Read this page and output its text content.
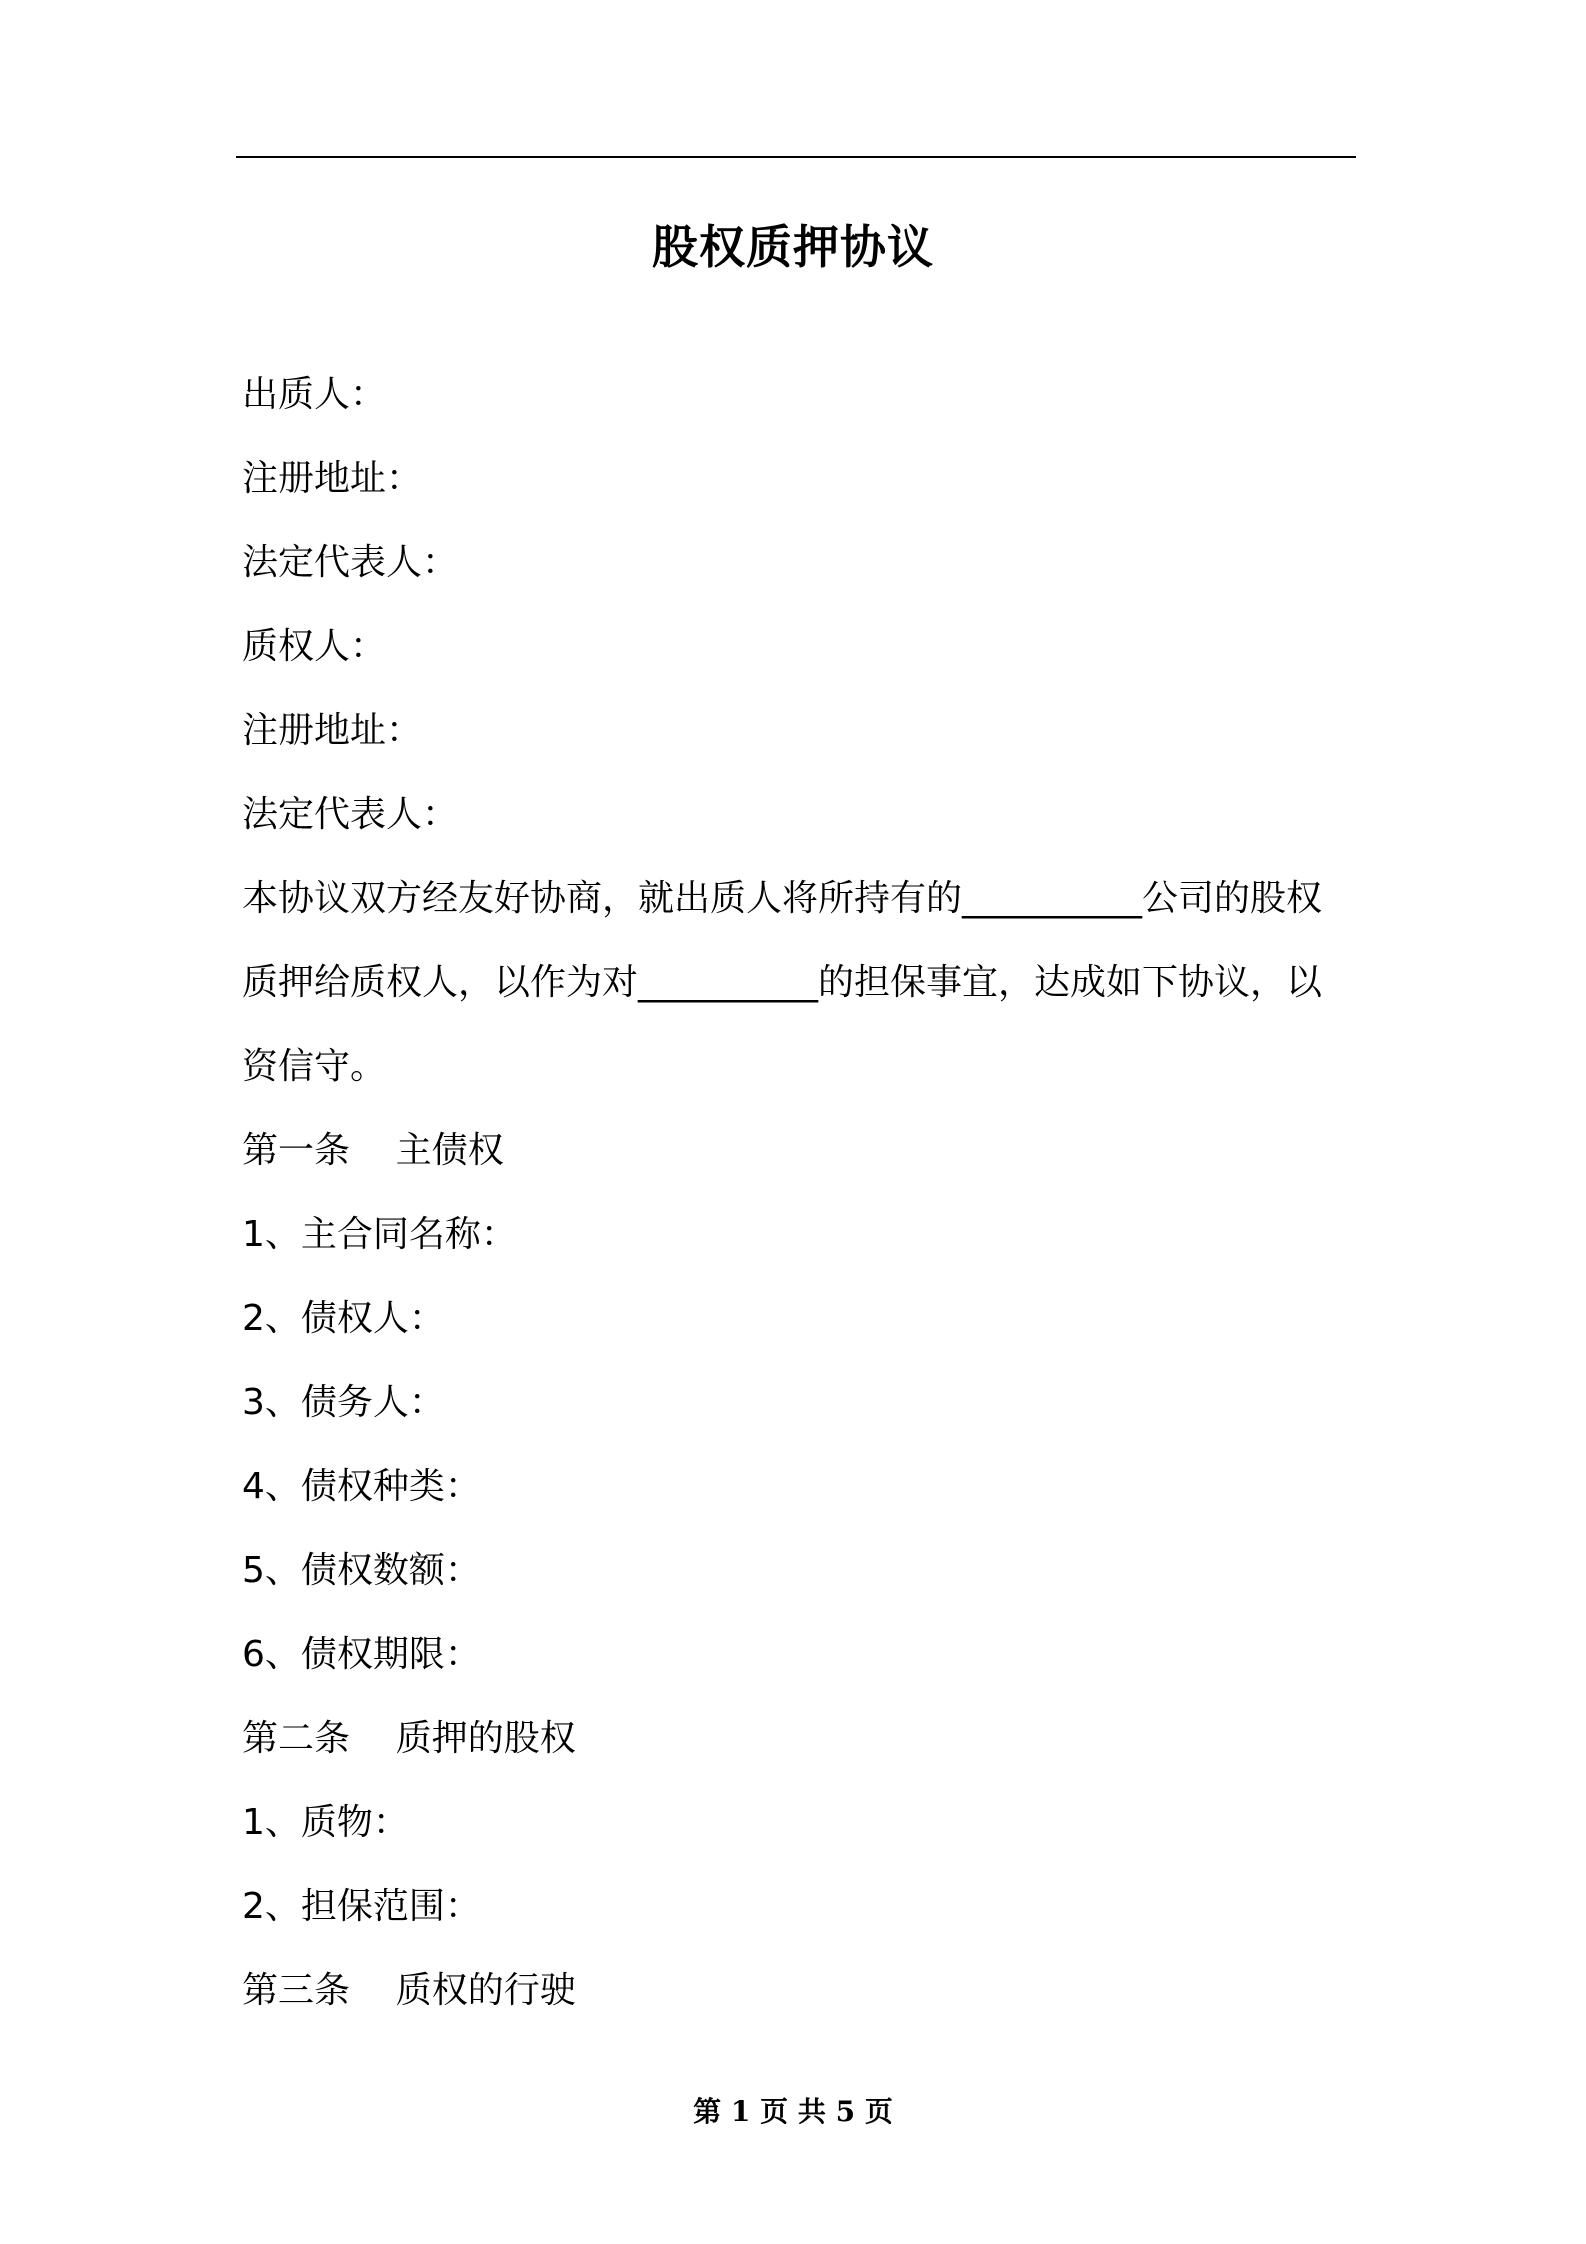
股权质押协议
出质人：
注册地址：
法定代表人：
质权人：
注册地址：
法定代表人：
本协议双方经友好协商，就出质人将所持有的__________公司的股权
质押给质权人，以作为对__________的担保事宜，达成如下协议，以
资信守。
第一条    主债权
1、主合同名称：
2、债权人：
3、债务人：
4、债权种类：
5、债权数额：
6、债权期限：
第二条    质押的股权
1、质物：
2、担保范围：
第三条    质权的行驶
第 1 页 共 5 页
